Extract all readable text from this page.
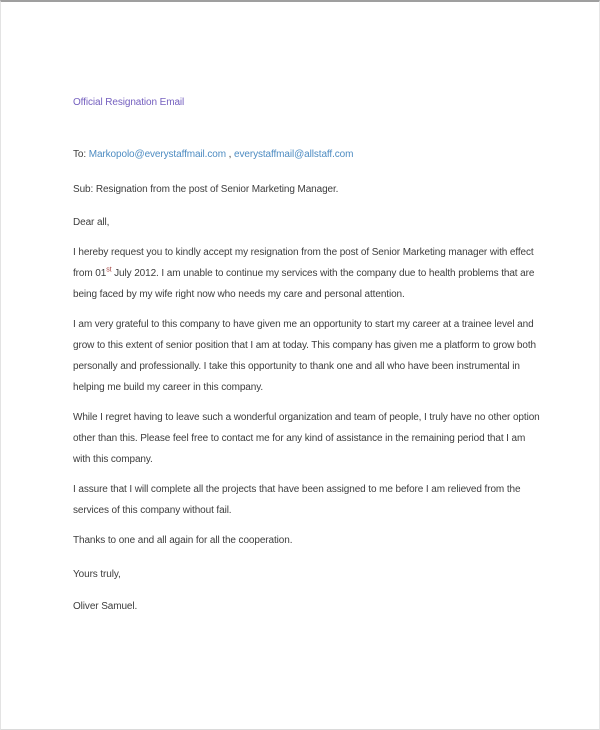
Official Resignation Email

To: Markopolo@everystaffmail.com , everystaffmail@allstaff.com

Sub: Resignation from the post of Senior Marketing Manager.

Dear all,

I hereby request you to kindly accept my resignation from the post of Senior Marketing manager with effect from 01st July 2012. I am unable to continue my services with the company due to health problems that are being faced by my wife right now who needs my care and personal attention.

I am very grateful to this company to have given me an opportunity to start my career at a trainee level and grow to this extent of senior position that I am at today. This company has given me a platform to grow both personally and professionally. I take this opportunity to thank one and all who have been instrumental in helping me build my career in this company.

While I regret having to leave such a wonderful organization and team of people, I truly have no other option other than this. Please feel free to contact me for any kind of assistance in the remaining period that I am with this company.

I assure that I will complete all the projects that have been assigned to me before I am relieved from the services of this company without fail.

Thanks to one and all again for all the cooperation.

Yours truly,

Oliver Samuel.
